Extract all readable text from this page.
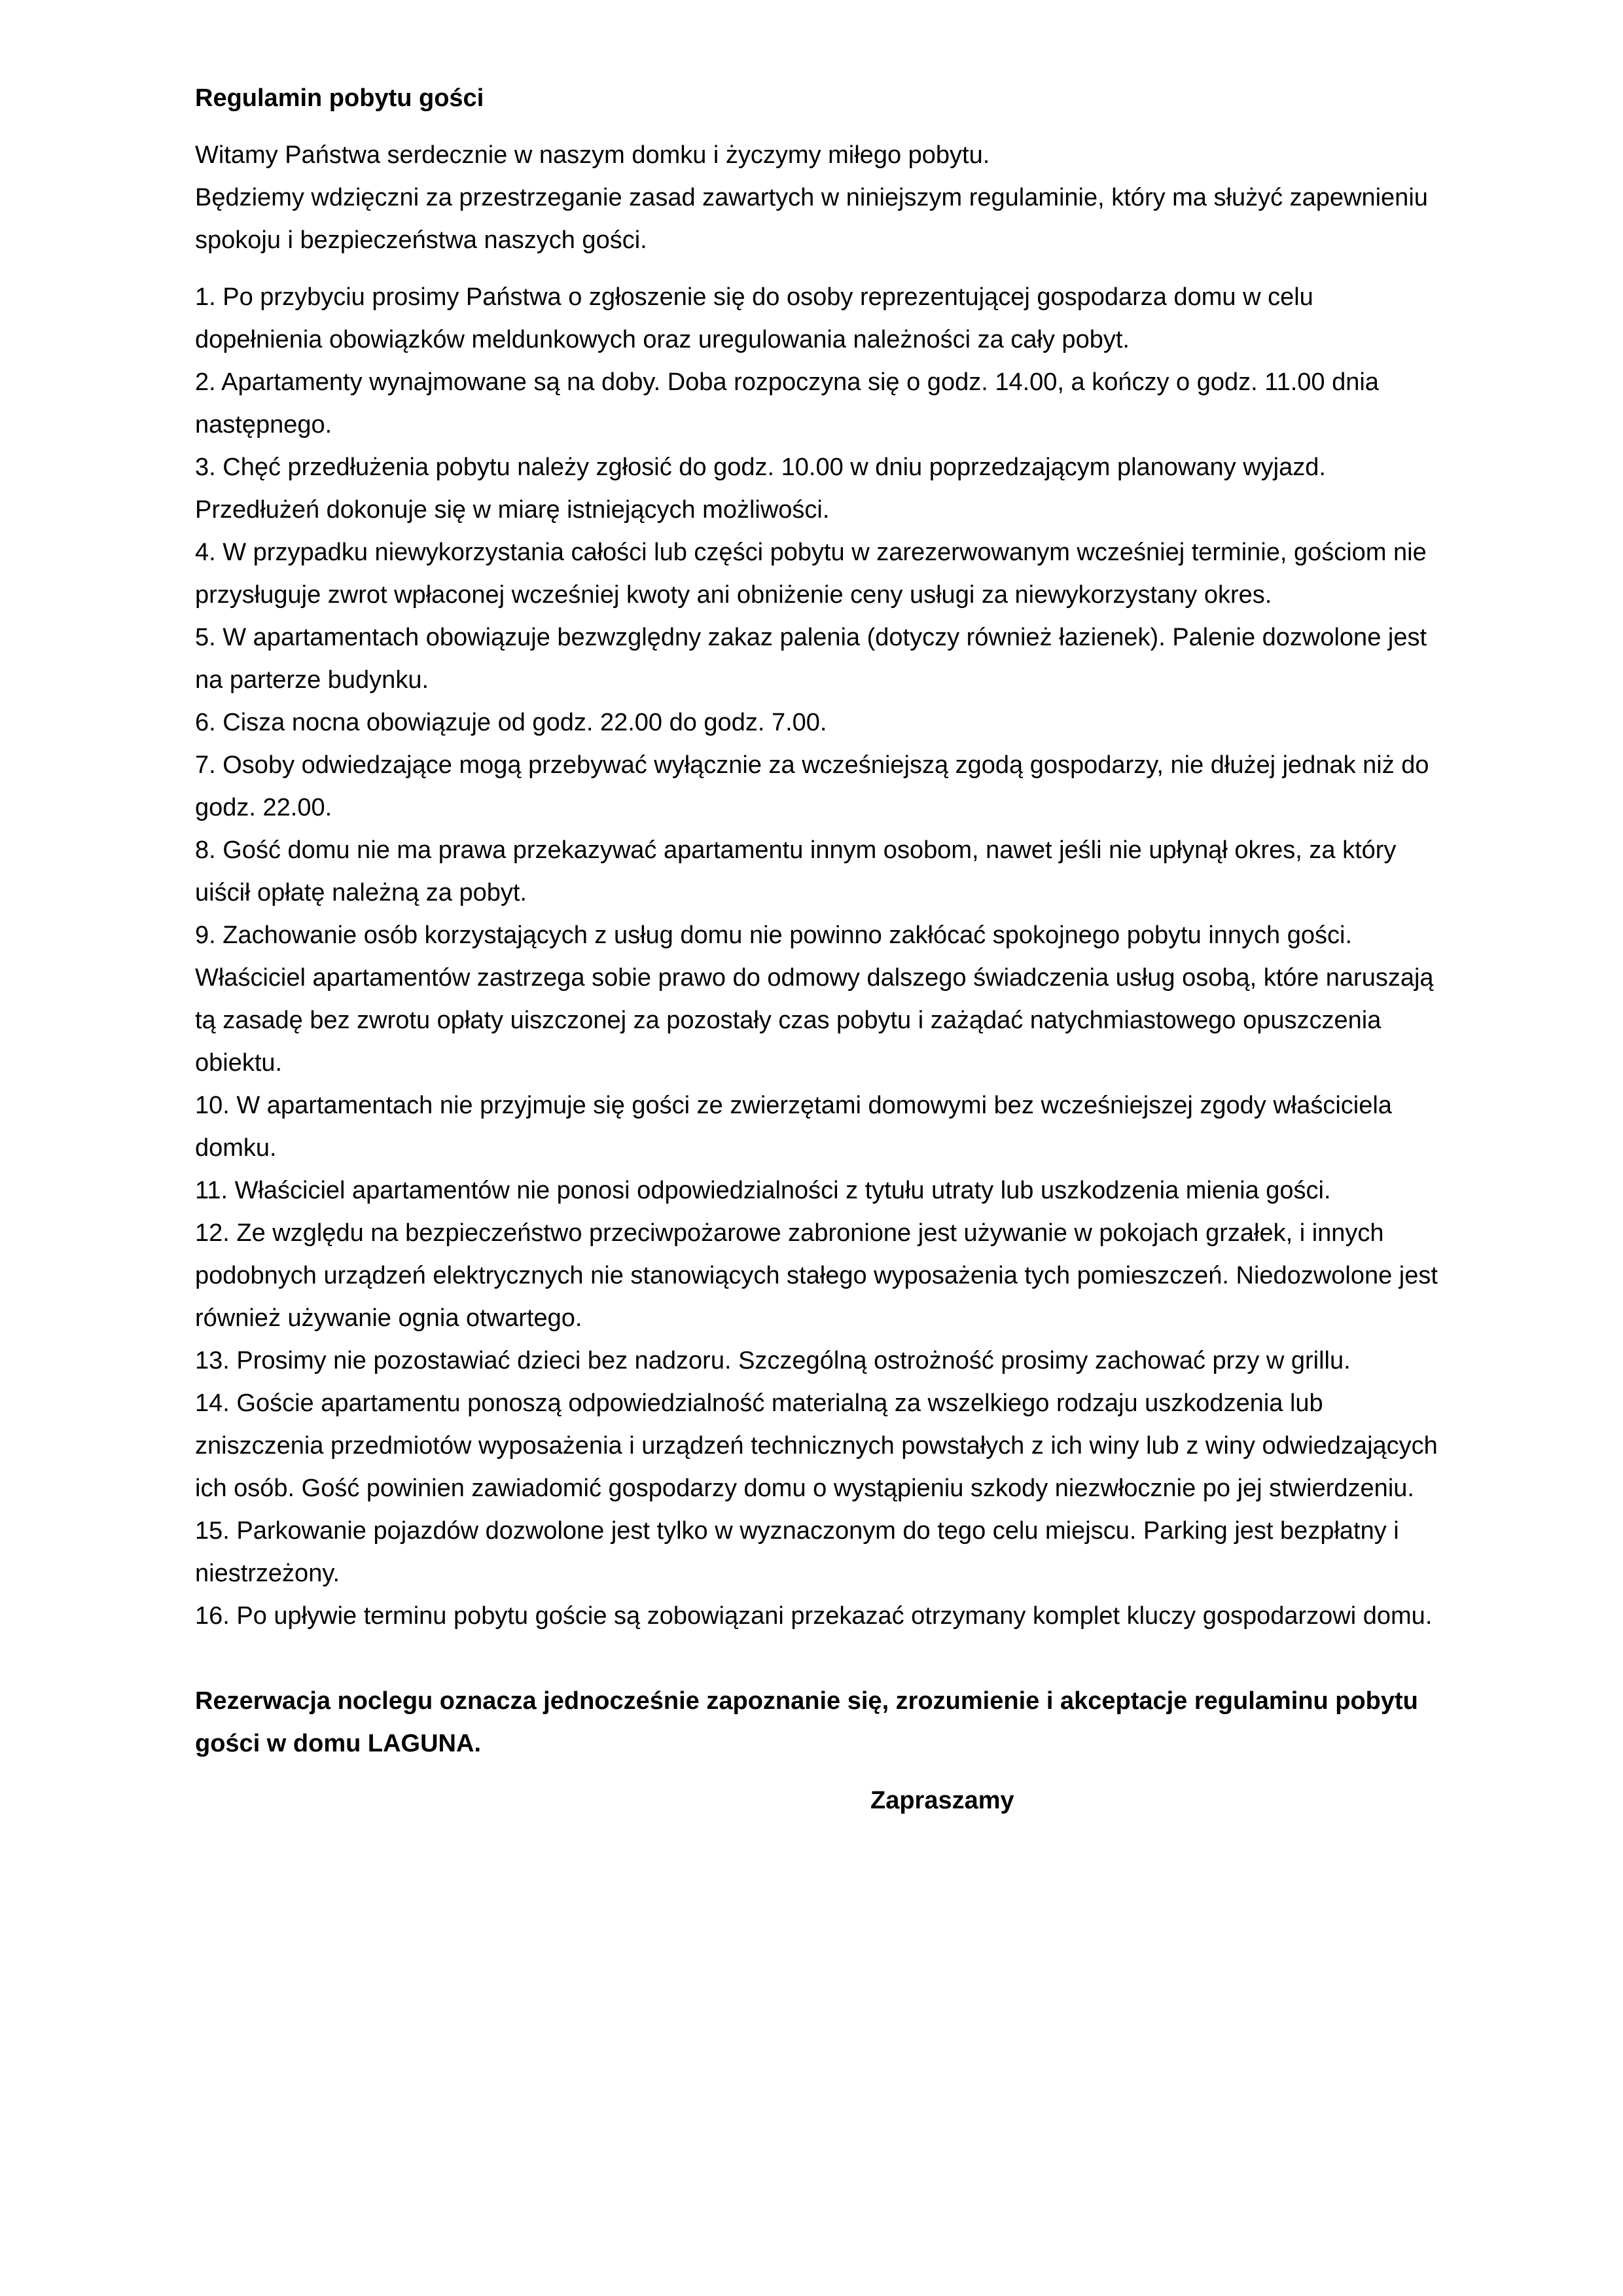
Regulamin pobytu gości

Witamy Państwa serdecznie w naszym domku i życzymy miłego pobytu.

Będziemy wdzięczni za przestrzeganie zasad zawartych w niniejszym regulaminie, który ma służyć zapewnieniu spokoju i bezpieczeństwa naszych gości.

1. Po przybyciu prosimy Państwa o zgłoszenie się do osoby reprezentującej gospodarza domu w celu dopełnienia obowiązków meldunkowych oraz uregulowania należności za cały pobyt.

2. Apartamenty wynajmowane są na doby. Doba rozpoczyna się o godz. 14.00, a kończy o godz. 11.00 dnia następnego.

3. Chęć przedłużenia pobytu należy zgłosić do godz. 10.00 w dniu poprzedzającym planowany wyjazd. Przedłużeń dokonuje się w miarę istniejących możliwości.

4. W przypadku niewykorzystania całości lub części pobytu w zarezerwowanym wcześniej terminie, gościom nie przysługuje zwrot wpłaconej wcześniej kwoty ani obniżenie ceny usługi za niewykorzystany okres.

5. W apartamentach obowiązuje bezwzględny zakaz palenia (dotyczy również łazienek). Palenie dozwolone jest na parterze budynku.

6. Cisza nocna obowiązuje od godz. 22.00 do godz. 7.00.

7. Osoby odwiedzające mogą przebywać wyłącznie za wcześniejszą zgodą gospodarzy, nie dłużej jednak niż do godz. 22.00.

8. Gość domu nie ma prawa przekazywać apartamentu innym osobom, nawet jeśli nie upłynął okres, za który uiścił opłatę należną za pobyt.

9. Zachowanie osób korzystających z usług domu nie powinno zakłócać spokojnego pobytu innych gości. Właściciel apartamentów zastrzega sobie prawo do odmowy dalszego świadczenia usług osobą, które naruszają tą zasadę bez zwrotu opłaty uiszczonej za pozostały czas pobytu i zażądać natychmiastowego opuszczenia obiektu.

10. W apartamentach nie przyjmuje się gości ze zwierzętami domowymi bez wcześniejszej zgody właściciela domku.

11. Właściciel apartamentów nie ponosi odpowiedzialności z tytułu utraty lub uszkodzenia mienia gości.

12. Ze względu na bezpieczeństwo przeciwpożarowe zabronione jest używanie w pokojach grzałek, i innych podobnych urządzeń elektrycznych nie stanowiących stałego wyposażenia tych pomieszczeń. Niedozwolone jest również używanie ognia otwartego.

13. Prosimy nie pozostawiać dzieci bez nadzoru. Szczególną ostrożność prosimy zachować przy w grillu.

14. Goście apartamentu ponoszą odpowiedzialność materialną za wszelkiego rodzaju uszkodzenia lub zniszczenia przedmiotów wyposażenia i urządzeń technicznych powstałych z ich winy lub z winy odwiedzających ich osób. Gość powinien zawiadomić gospodarzy domu o wystąpieniu szkody niezwłocznie po jej stwierdzeniu.

15. Parkowanie pojazdów dozwolone jest tylko w wyznaczonym do tego celu miejscu. Parking jest bezpłatny i niestrzeżony.

16. Po upływie terminu pobytu goście są zobowiązani przekazać otrzymany komplet kluczy gospodarzowi domu.

Rezerwacja noclegu oznacza jednocześnie zapoznanie się, zrozumienie i akceptacje regulaminu pobytu gości w domu LAGUNA.

Zapraszamy
